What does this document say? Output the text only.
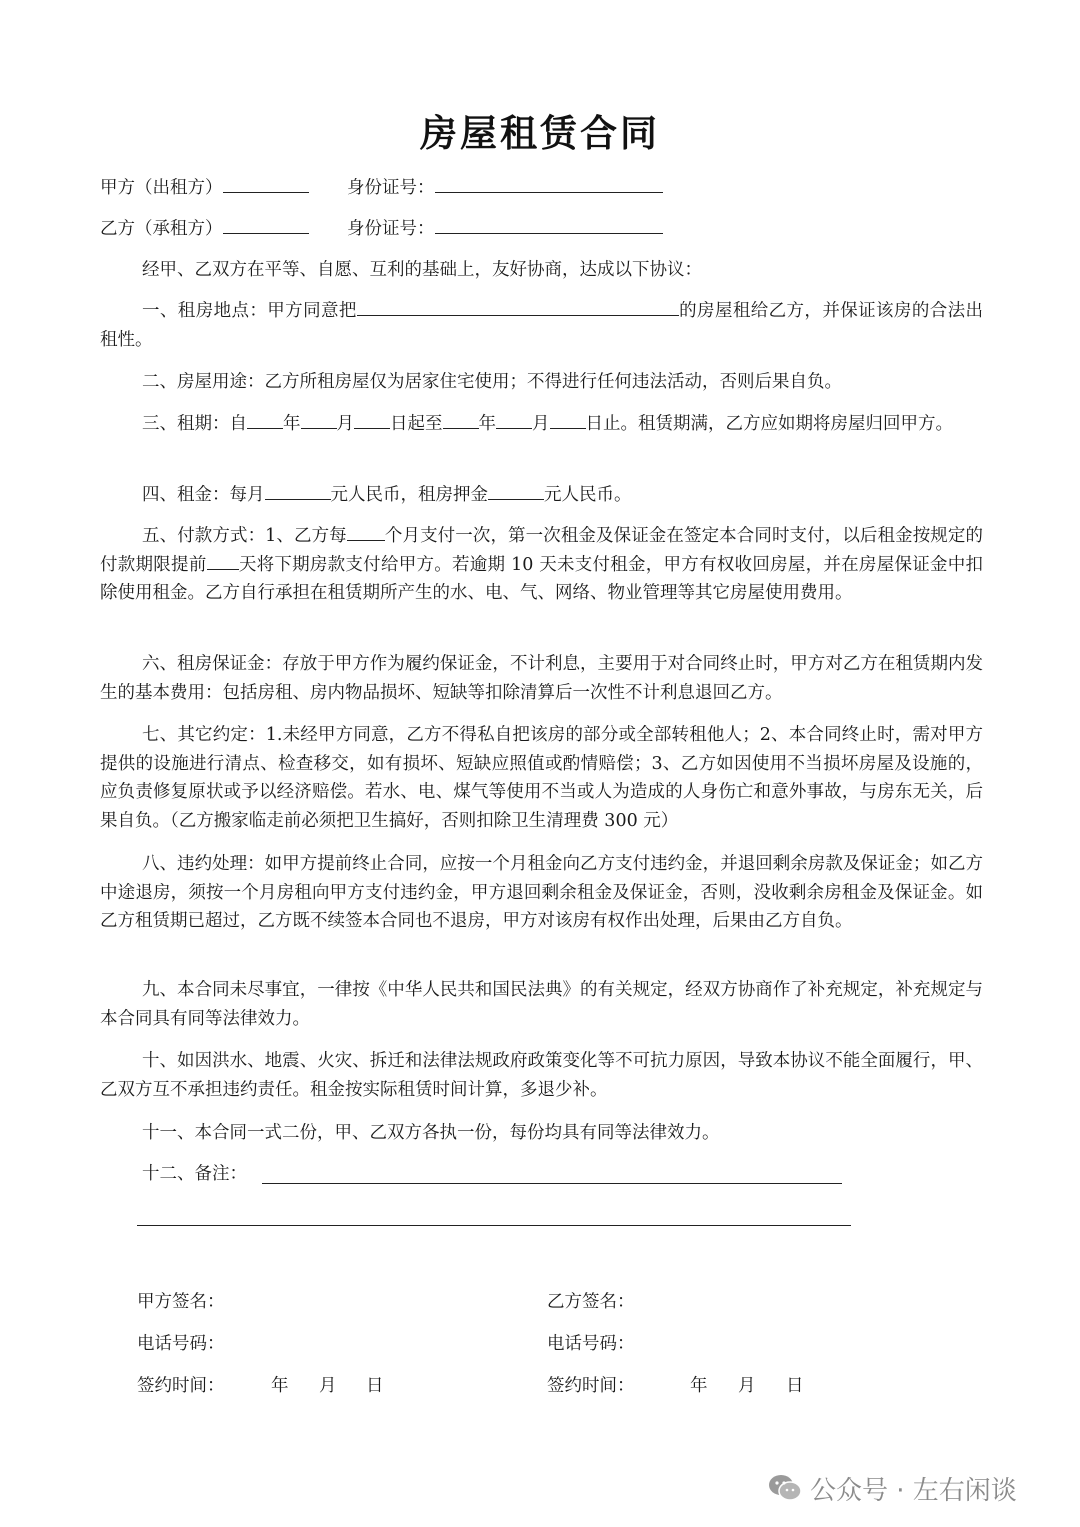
房屋租赁合同
甲方（出租方）	身份证号：
乙方（承租方）	身份证号：
经甲、乙双方在平等、自愿、互利的基础上，友好协商，达成以下协议：
一、租房地点：甲方同意把	的房屋租给乙方，并保证该房的合法出租性。
二、房屋用途：乙方所租房屋仅为居家住宅使用；不得进行任何违法活动，否则后果自负。
三、租期：自 年 月 日起至 年 月 日止。租赁期满，乙方应如期将房屋归回甲方。
四、租金：每月	元人民币，租房押金	元人民币。
五、付款方式：1、乙方每 个月支付一次，第一次租金及保证金在签定本合同时支付，以后租金按规定的付款期限提前 天将下期房款支付给甲方。若逾期 10 天未支付租金，甲方有权收回房屋，并在房屋保证金中扣除使用租金。乙方自行承担在租赁期所产生的水、电、气、网络、物业管理等其它房屋使用费用。
六、租房保证金：存放于甲方作为履约保证金，不计利息，主要用于对合同终止时，甲方对乙方在租赁期内发生的基本费用：包括房租、房内物品损坏、短缺等扣除清算后一次性不计利息退回乙方。
七、其它约定：1.未经甲方同意，乙方不得私自把该房的部分或全部转租他人；2、本合同终止时，需对甲方提供的设施进行清点、检查移交，如有损坏、短缺应照值或酌情赔偿；3、乙方如因使用不当损坏房屋及设施的，应负责修复原状或予以经济赔偿。若水、电、煤气等使用不当或人为造成的人身伤亡和意外事故，与房东无关，后果自负。（乙方搬家临走前必须把卫生搞好，否则扣除卫生清理费 300 元）
八、违约处理：如甲方提前终止合同，应按一个月租金向乙方支付违约金，并退回剩余房款及保证金；如乙方中途退房，须按一个月房租向甲方支付违约金，甲方退回剩余租金及保证金，否则，没收剩余房租金及保证金。如乙方租赁期已超过，乙方既不续签本合同也不退房，甲方对该房有权作出处理，后果由乙方自负。
九、本合同未尽事宜，一律按《中华人民共和国民法典》的有关规定，经双方协商作了补充规定，补充规定与本合同具有同等法律效力。
十、如因洪水、地震、火灾、拆迁和法律法规政府政策变化等不可抗力原因，导致本协议不能全面履行，甲、乙双方互不承担违约责任。租金按实际租赁时间计算，多退少补。
十一、本合同一式二份，甲、乙双方各执一份，每份均具有同等法律效力。
十二、备注：
甲方签名：	乙方签名：
电话号码：	电话号码：
签约时间：	年 月 日	签约时间：	年 月 日
公众号 · 左右闲谈
